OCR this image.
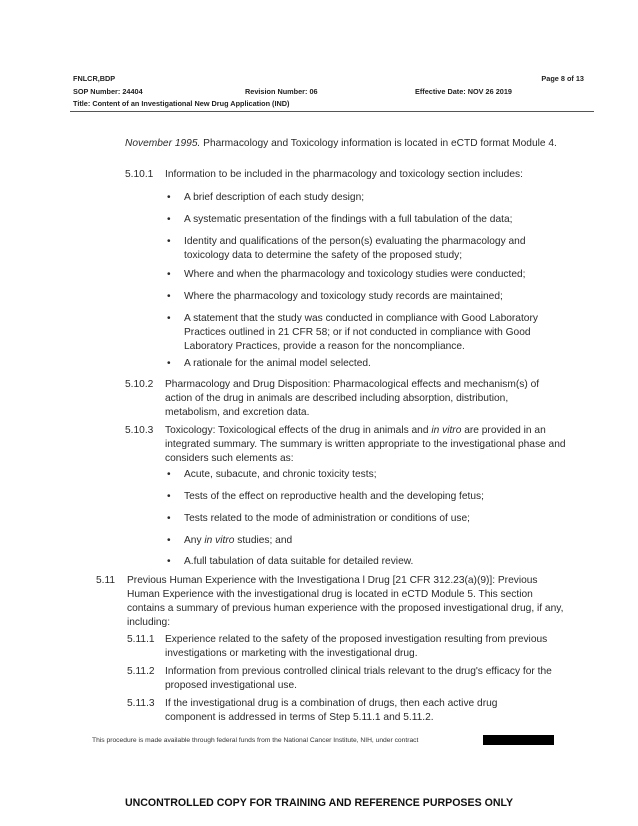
FNLCR,BDP	Page 8 of 13
SOP Number: 24404	Revision Number: 06	Effective Date: NOV 26 2019
Title: Content of an Investigational New Drug Application (IND)
November 1995. Pharmacology and Toxicology information is located in eCTD format Module 4.
5.10.1 Information to be included in the pharmacology and toxicology section includes:
• A brief description of each study design;
• A systematic presentation of the findings with a full tabulation of the data;
• Identity and qualifications of the person(s) evaluating the pharmacology and toxicology data to determine the safety of the proposed study;
• Where and when the pharmacology and toxicology studies were conducted;
• Where the pharmacology and toxicology study records are maintained;
• A statement that the study was conducted in compliance with Good Laboratory Practices outlined in 21 CFR 58; or if not conducted in compliance with Good Laboratory Practices, provide a reason for the noncompliance.
• A rationale for the animal model selected.
5.10.2 Pharmacology and Drug Disposition: Pharmacological effects and mechanism(s) of action of the drug in animals are described including absorption, distribution, metabolism, and excretion data.
5.10.3 Toxicology: Toxicological effects of the drug in animals and in vitro are provided in an integrated summary. The summary is written appropriate to the investigational phase and considers such elements as:
• Acute, subacute, and chronic toxicity tests;
• Tests of the effect on reproductive health and the developing fetus;
• Tests related to the mode of administration or conditions of use;
• Any in vitro studies; and
• A.full tabulation of data suitable for detailed review.
5.11 Previous Human Experience with the Investigationa l Drug [21 CFR 312.23(a)(9)]: Previous Human Experience with the investigational drug is located in eCTD Module 5. This section contains a summary of previous human experience with the proposed investigational drug, if any, including:
5.11.1 Experience related to the safety of the proposed investigation resulting from previous investigations or marketing with the investigational drug.
5.11.2 Information from previous controlled clinical trials relevant to the drug's efficacy for the proposed investigational use.
5.11.3 If the investigational drug is a combination of drugs, then each active drug component is addressed in terms of Step 5.11.1 and 5.11.2.
This procedure is made available through federal funds from the National Cancer Institute, NIH, under contract
UNCONTROLLED COPY FOR TRAINING AND REFERENCE PURPOSES ONLY
